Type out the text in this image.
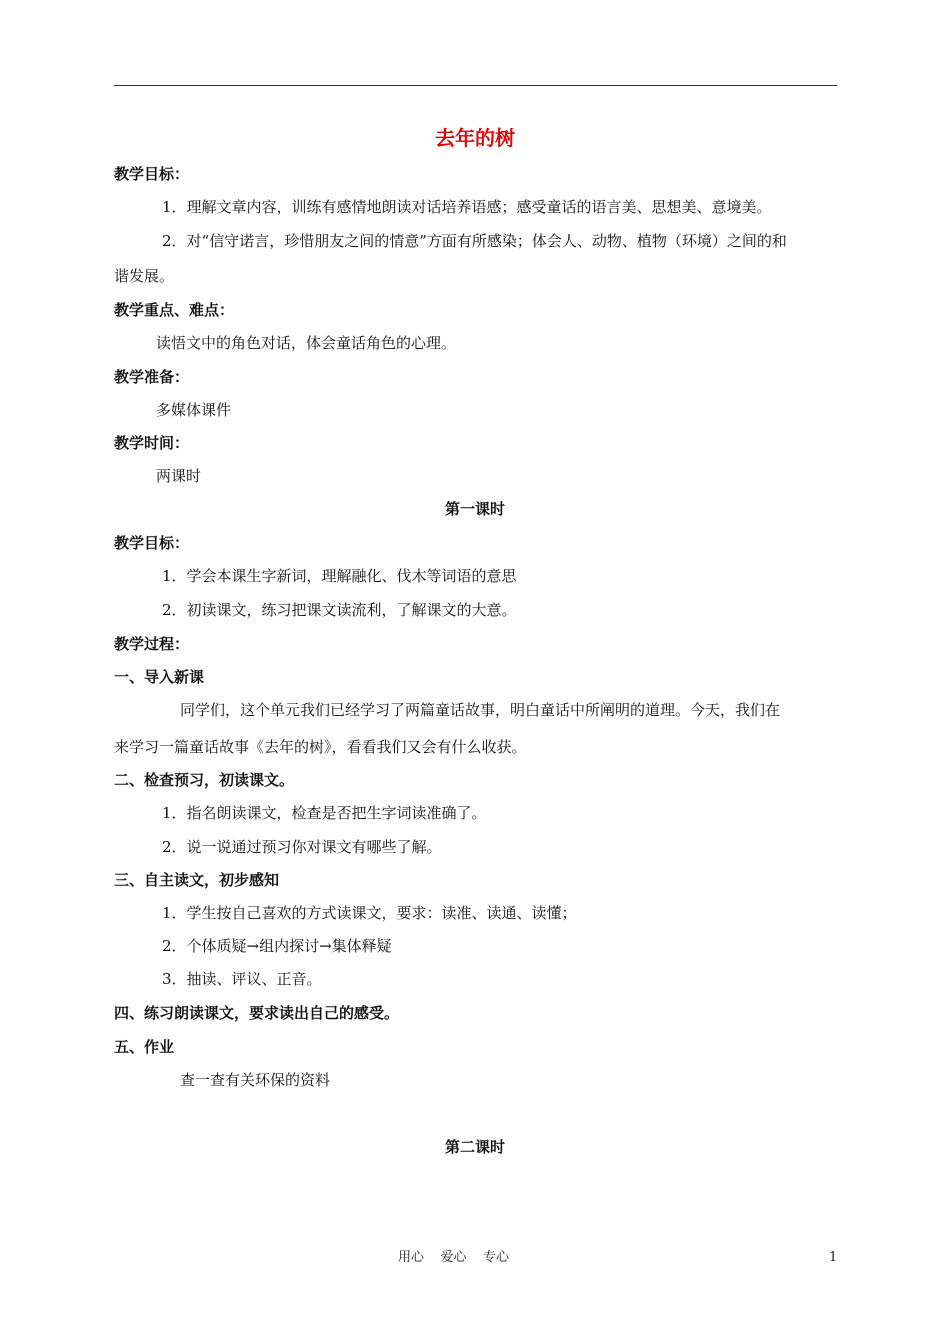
去年的树
教学目标：
1．理解文章内容，训练有感情地朗读对话培养语感；感受童话的语言美、思想美、意境美。
2．对“信守诺言，珍惜朋友之间的情意”方面有所感染；体会人、动物、植物（环境）之间的和
谐发展。
教学重点、难点：
读悟文中的角色对话，体会童话角色的心理。
教学准备：
多媒体课件
教学时间：
两课时
第一课时
教学目标：
1．学会本课生字新词，理解融化、伐木等词语的意思
2．初读课文，练习把课文读流利，了解课文的大意。
教学过程：
一、导入新课
同学们，这个单元我们已经学习了两篇童话故事，明白童话中所阐明的道理。今天，我们在
来学习一篇童话故事《去年的树》，看看我们又会有什么收获。
二、检查预习，初读课文。
1．指名朗读课文，检查是否把生字词读准确了。
2．说一说通过预习你对课文有哪些了解。
三、自主读文，初步感知
1．学生按自己喜欢的方式读课文，要求：读准、读通、读懂；
2．个体质疑→组内探讨→集体释疑
3．抽读、评议、正音。
四、练习朗读课文，要求读出自己的感受。
五、作业
查一查有关环保的资料
第二课时
用心    爱心    专心	1
